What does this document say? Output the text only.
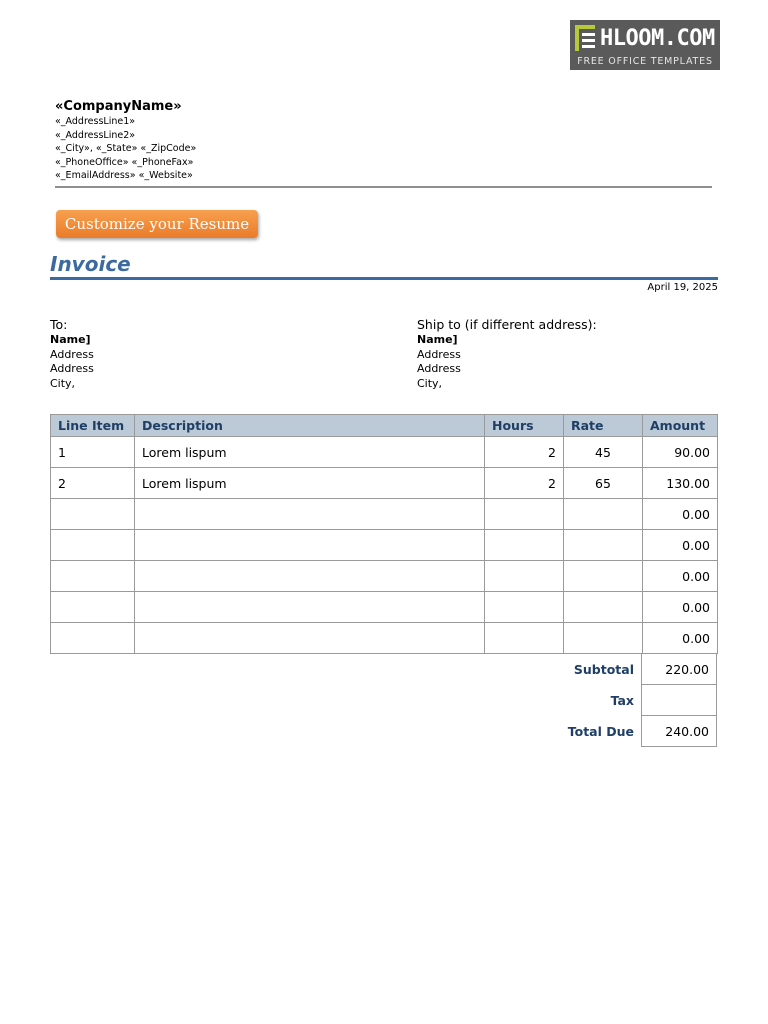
HLOOM.COM
FREE OFFICE TEMPLATES
«CompanyName»
«_AddressLine1»
«_AddressLine2»
«_City», «_State» «_ZipCode»
«_PhoneOffice» «_PhoneFax»
«_EmailAddress» «_Website»
Customize your Resume
Invoice
April 19, 2025
To:
Name]
Address
Address
City,
Ship to (if different address):
Name]
Address
Address
City,
Line Item	Description	Hours	Rate	Amount
1	Lorem lispum	2	45	90.00
2	Lorem lispum	2	65	130.00
				0.00
				0.00
				0.00
				0.00
				0.00
Subtotal	220.00
Tax	
Total Due	240.00
